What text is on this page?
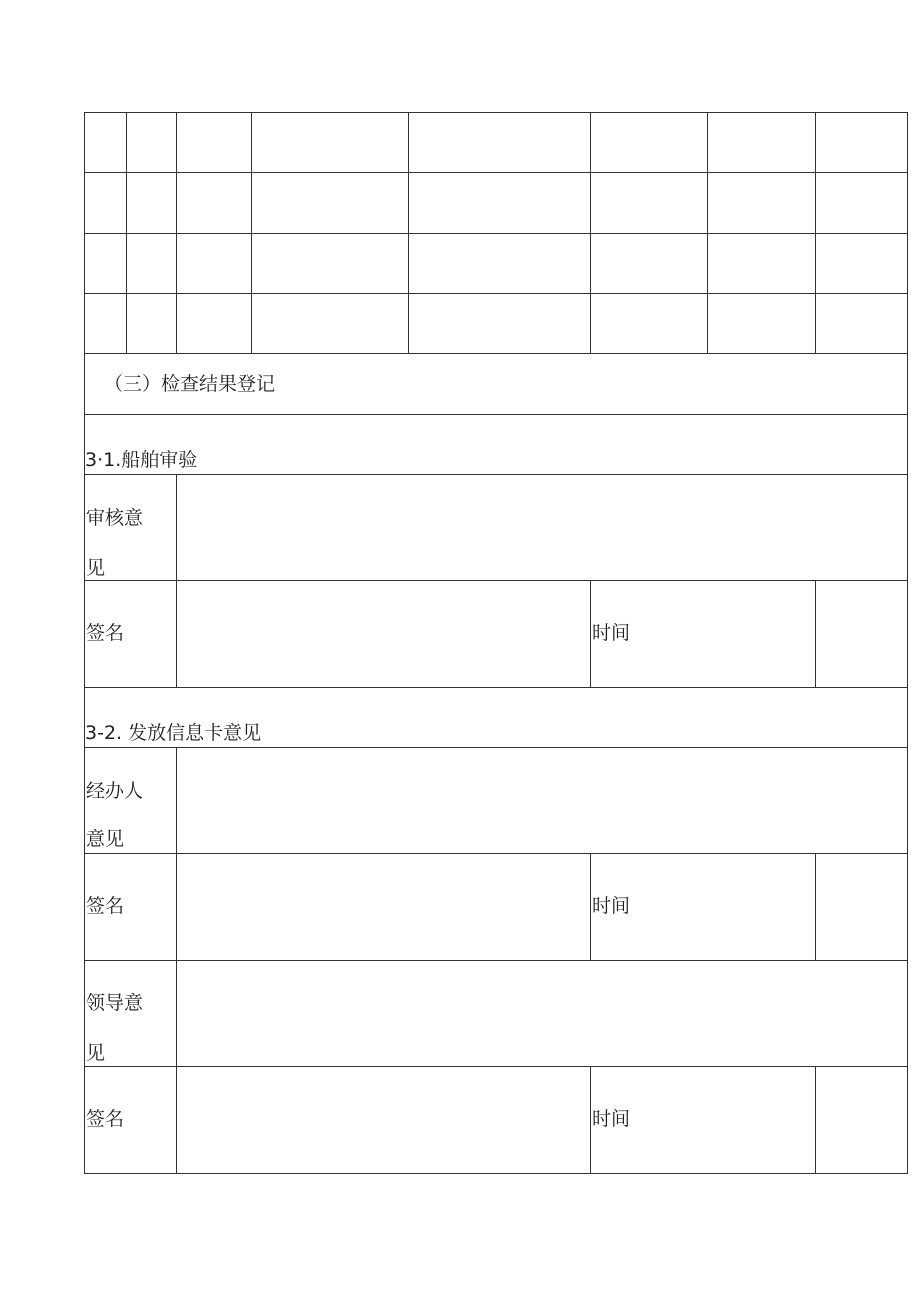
（三）检查结果登记
3·1.船舶审验
审核意
见
签名	时间
3-2. 发放信息卡意见
经办人
意见
签名	时间
领导意
见
签名	时间
